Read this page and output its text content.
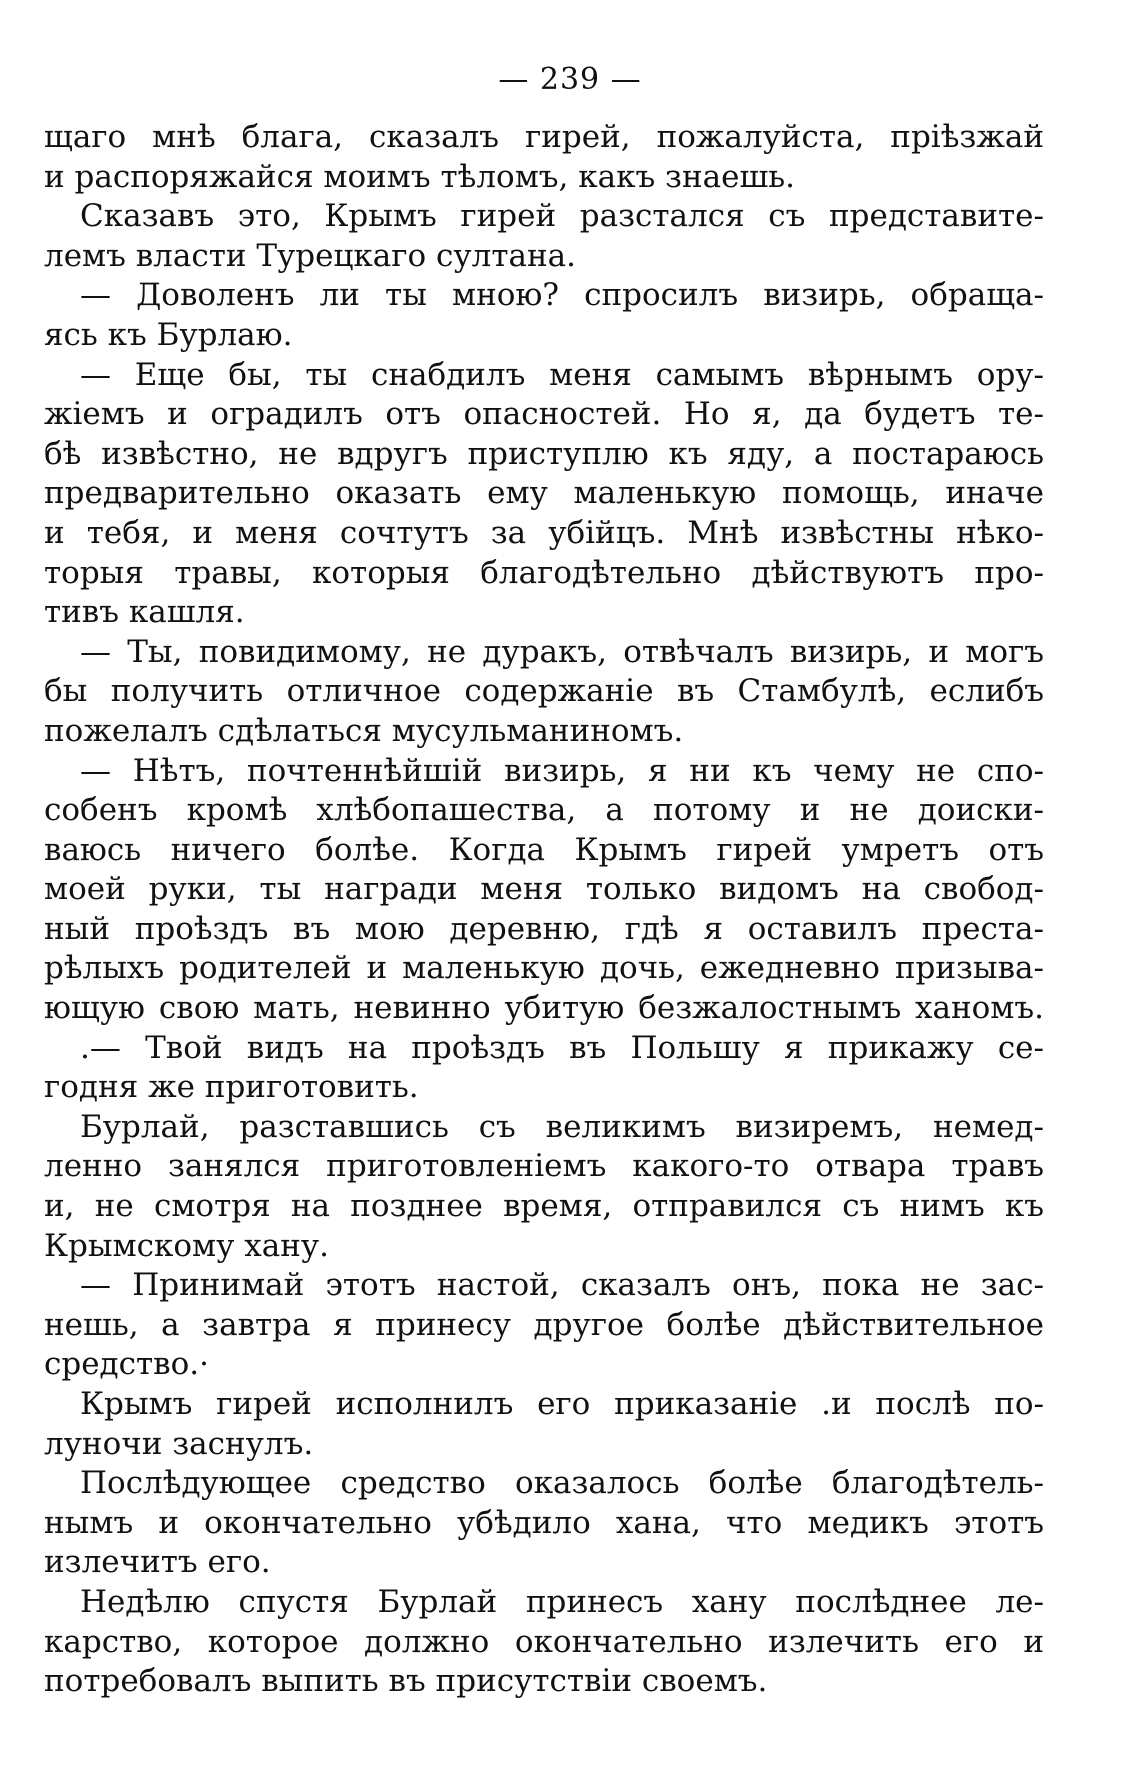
— 239 —
щаго мнѣ блага, сказалъ гирей, пожалуйста, пріѣзжай
и распоряжайся моимъ тѣломъ, какъ знаешь.
Сказавъ это, Крымъ гирей разстался съ представите-
лемъ власти Турецкаго султана.
— Доволенъ ли ты мною? спросилъ визирь, обраща-
ясь къ Бурлаю.
— Еще бы, ты снабдилъ меня самымъ вѣрнымъ ору-
жіемъ и оградилъ отъ опасностей. Но я, да будетъ те-
бѣ извѣстно, не вдругъ приступлю къ яду, а постараюсь
предварительно оказать ему маленькую помощь, иначе
и тебя, и меня сочтутъ за убійцъ. Мнѣ извѣстны нѣко-
торыя травы, которыя благодѣтельно дѣйствуютъ про-
тивъ кашля.
— Ты, повидимому, не дуракъ, отвѣчалъ визирь, и могъ
бы получить отличное содержаніе въ Стамбулѣ, еслибъ
пожелалъ сдѣлаться мусульманиномъ.
— Нѣтъ, почтеннѣйшій визирь, я ни къ чему не спо-
собенъ кромѣ хлѣбопашества, а потому и не доиски-
ваюсь ничего болѣе. Когда Крымъ гирей умретъ отъ
моей руки, ты награди меня только видомъ на свобод-
ный проѣздъ въ мою деревню, гдѣ я оставилъ преста-
рѣлыхъ родителей и маленькую дочь, ежедневно призыва-
ющую свою мать, невинно убитую безжалостнымъ ханомъ.
.— Твой видъ на проѣздъ въ Польшу я прикажу се-
годня же приготовить.
Бурлай, разставшись съ великимъ визиремъ, немед-
ленно занялся приготовленіемъ какого-то отвара травъ
и, не смотря на позднее время, отправился съ нимъ къ
Крымскому хану.
— Принимай этотъ настой, сказалъ онъ, пока не зас-
нешь, а завтра я принесу другое болѣе дѣйствительное
средство.·
Крымъ гирей исполнилъ его приказаніе .и послѣ по-
луночи заснулъ.
Послѣдующее средство оказалось болѣе благодѣтель-
нымъ и окончательно убѣдило хана, что медикъ этотъ
излечитъ его.
Недѣлю спустя Бурлай принесъ хану послѣднее ле-
карство, которое должно окончательно излечить его и
потребовалъ выпить въ присутствіи своемъ.
